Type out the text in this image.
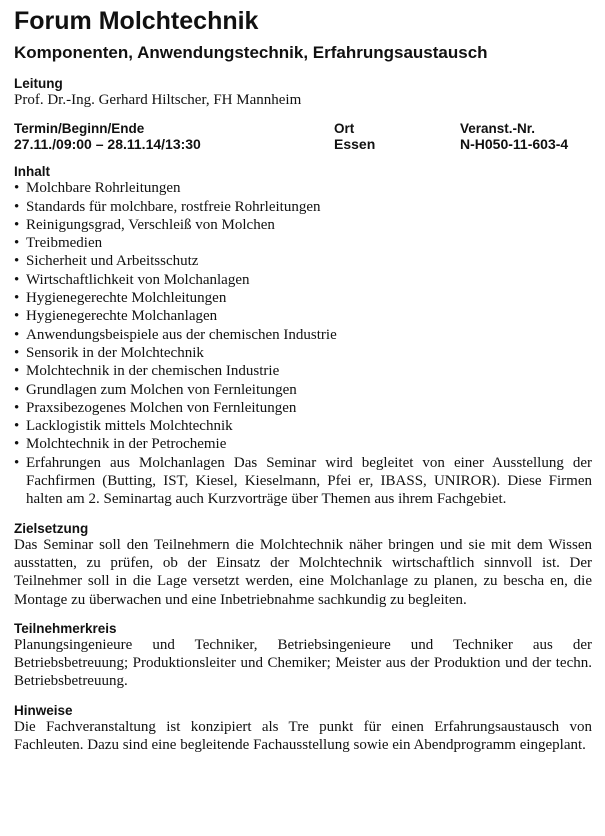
Forum Molchtechnik
Komponenten, Anwendungstechnik, Erfahrungsaustausch
Leitung
Prof. Dr.-Ing. Gerhard Hiltscher, FH Mannheim
Termin/Beginn/Ende	Ort	Veranst.-Nr.
27.11./09:00 – 28.11.14/13:30	Essen	N-H050-11-603-4
Inhalt
• Molchbare Rohrleitungen
• Standards für molchbare, rostfreie Rohrleitungen
• Reinigungsgrad, Verschleiß von Molchen
• Treibmedien
• Sicherheit und Arbeitsschutz
• Wirtschaftlichkeit von Molchanlagen
• Hygienegerechte Molchleitungen
• Hygienegerechte Molchanlagen
• Anwendungsbeispiele aus der chemischen Industrie
• Sensorik in der Molchtechnik
• Molchtechnik in der chemischen Industrie
• Grundlagen zum Molchen von Fernleitungen
• Praxsibezogenes Molchen von Fernleitungen
• Lacklogistik mittels Molchtechnik
• Molchtechnik in der Petrochemie
• Erfahrungen aus Molchanlagen Das Seminar wird begleitet von einer Ausstellung der Fachfirmen (Butting, IST, Kiesel, Kieselmann, Pfei er, IBASS, UNIROR). Diese Firmen halten am 2. Seminartag auch Kurzvorträge über Themen aus ihrem Fachgebiet.
Zielsetzung

Das Seminar soll den Teilnehmern die Molchtechnik näher bringen und sie mit dem Wissen ausstatten, zu prüfen, ob der Einsatz der Molchtechnik wirtschaftlich sinnvoll ist. Der Teilnehmer soll in die Lage versetzt werden, eine Molchanlage zu planen, zu bescha en, die Montage zu überwachen und eine Inbetriebnahme sachkundig zu begleiten.

Teilnehmerkreis

Planungsingenieure und Techniker, Betriebsingenieure und Techniker aus der Betriebsbetreuung; Produktionsleiter und Chemiker; Meister aus der Produktion und der techn. Betriebsbetreuung.

Hinweise

Die Fachveranstaltung ist konzipiert als Tre punkt für einen Erfahrungsaustausch von Fachleuten. Dazu sind eine begleitende Fachausstellung sowie ein Abendprogramm eingeplant.
